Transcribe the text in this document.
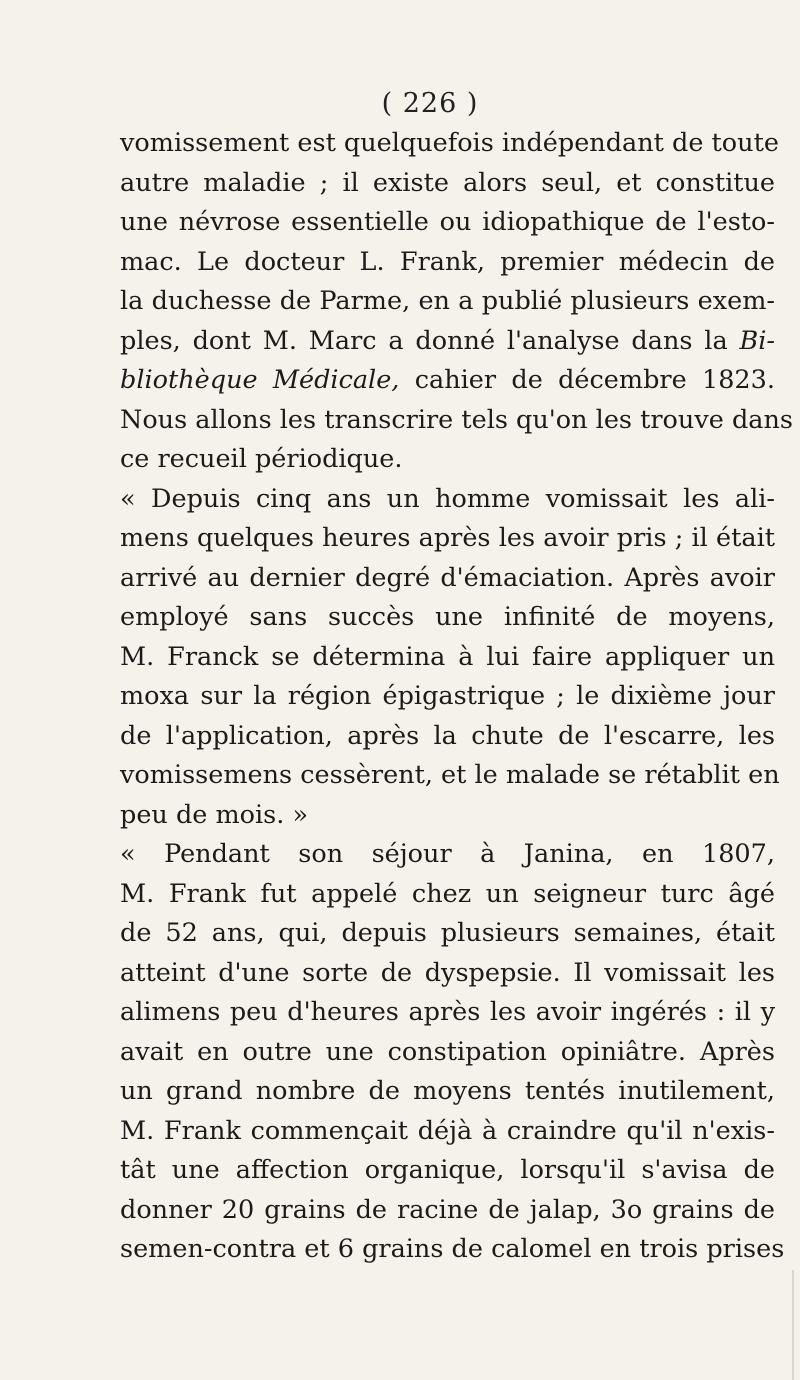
( 226 )
vomissement est quelquefois indépendant de toute
autre maladie ; il existe alors seul, et constitue
une névrose essentielle ou idiopathique de l'esto-
mac. Le docteur L. Frank, premier médecin de
la duchesse de Parme, en a publié plusieurs exem-
ples, dont M. Marc a donné l'analyse dans la Bi-
bliothèque Médicale, cahier de décembre 1823.
Nous allons les transcrire tels qu'on les trouve dans
ce recueil périodique.
« Depuis cinq ans un homme vomissait les ali-
mens quelques heures après les avoir pris ; il était
arrivé au dernier degré d'émaciation. Après avoir
employé sans succès une infinité de moyens,
M. Franck se détermina à lui faire appliquer un
moxa sur la région épigastrique ; le dixième jour
de l'application, après la chute de l'escarre, les
vomissemens cessèrent, et le malade se rétablit en
peu de mois. »
« Pendant son séjour à Janina, en 1807,
M. Frank fut appelé chez un seigneur turc âgé
de 52 ans, qui, depuis plusieurs semaines, était
atteint d'une sorte de dyspepsie. Il vomissait les
alimens peu d'heures après les avoir ingérés : il y
avait en outre une constipation opiniâtre. Après
un grand nombre de moyens tentés inutilement,
M. Frank commençait déjà à craindre qu'il n'exis-
tât une affection organique, lorsqu'il s'avisa de
donner 20 grains de racine de jalap, 3o grains de
semen-contra et 6 grains de calomel en trois prises
